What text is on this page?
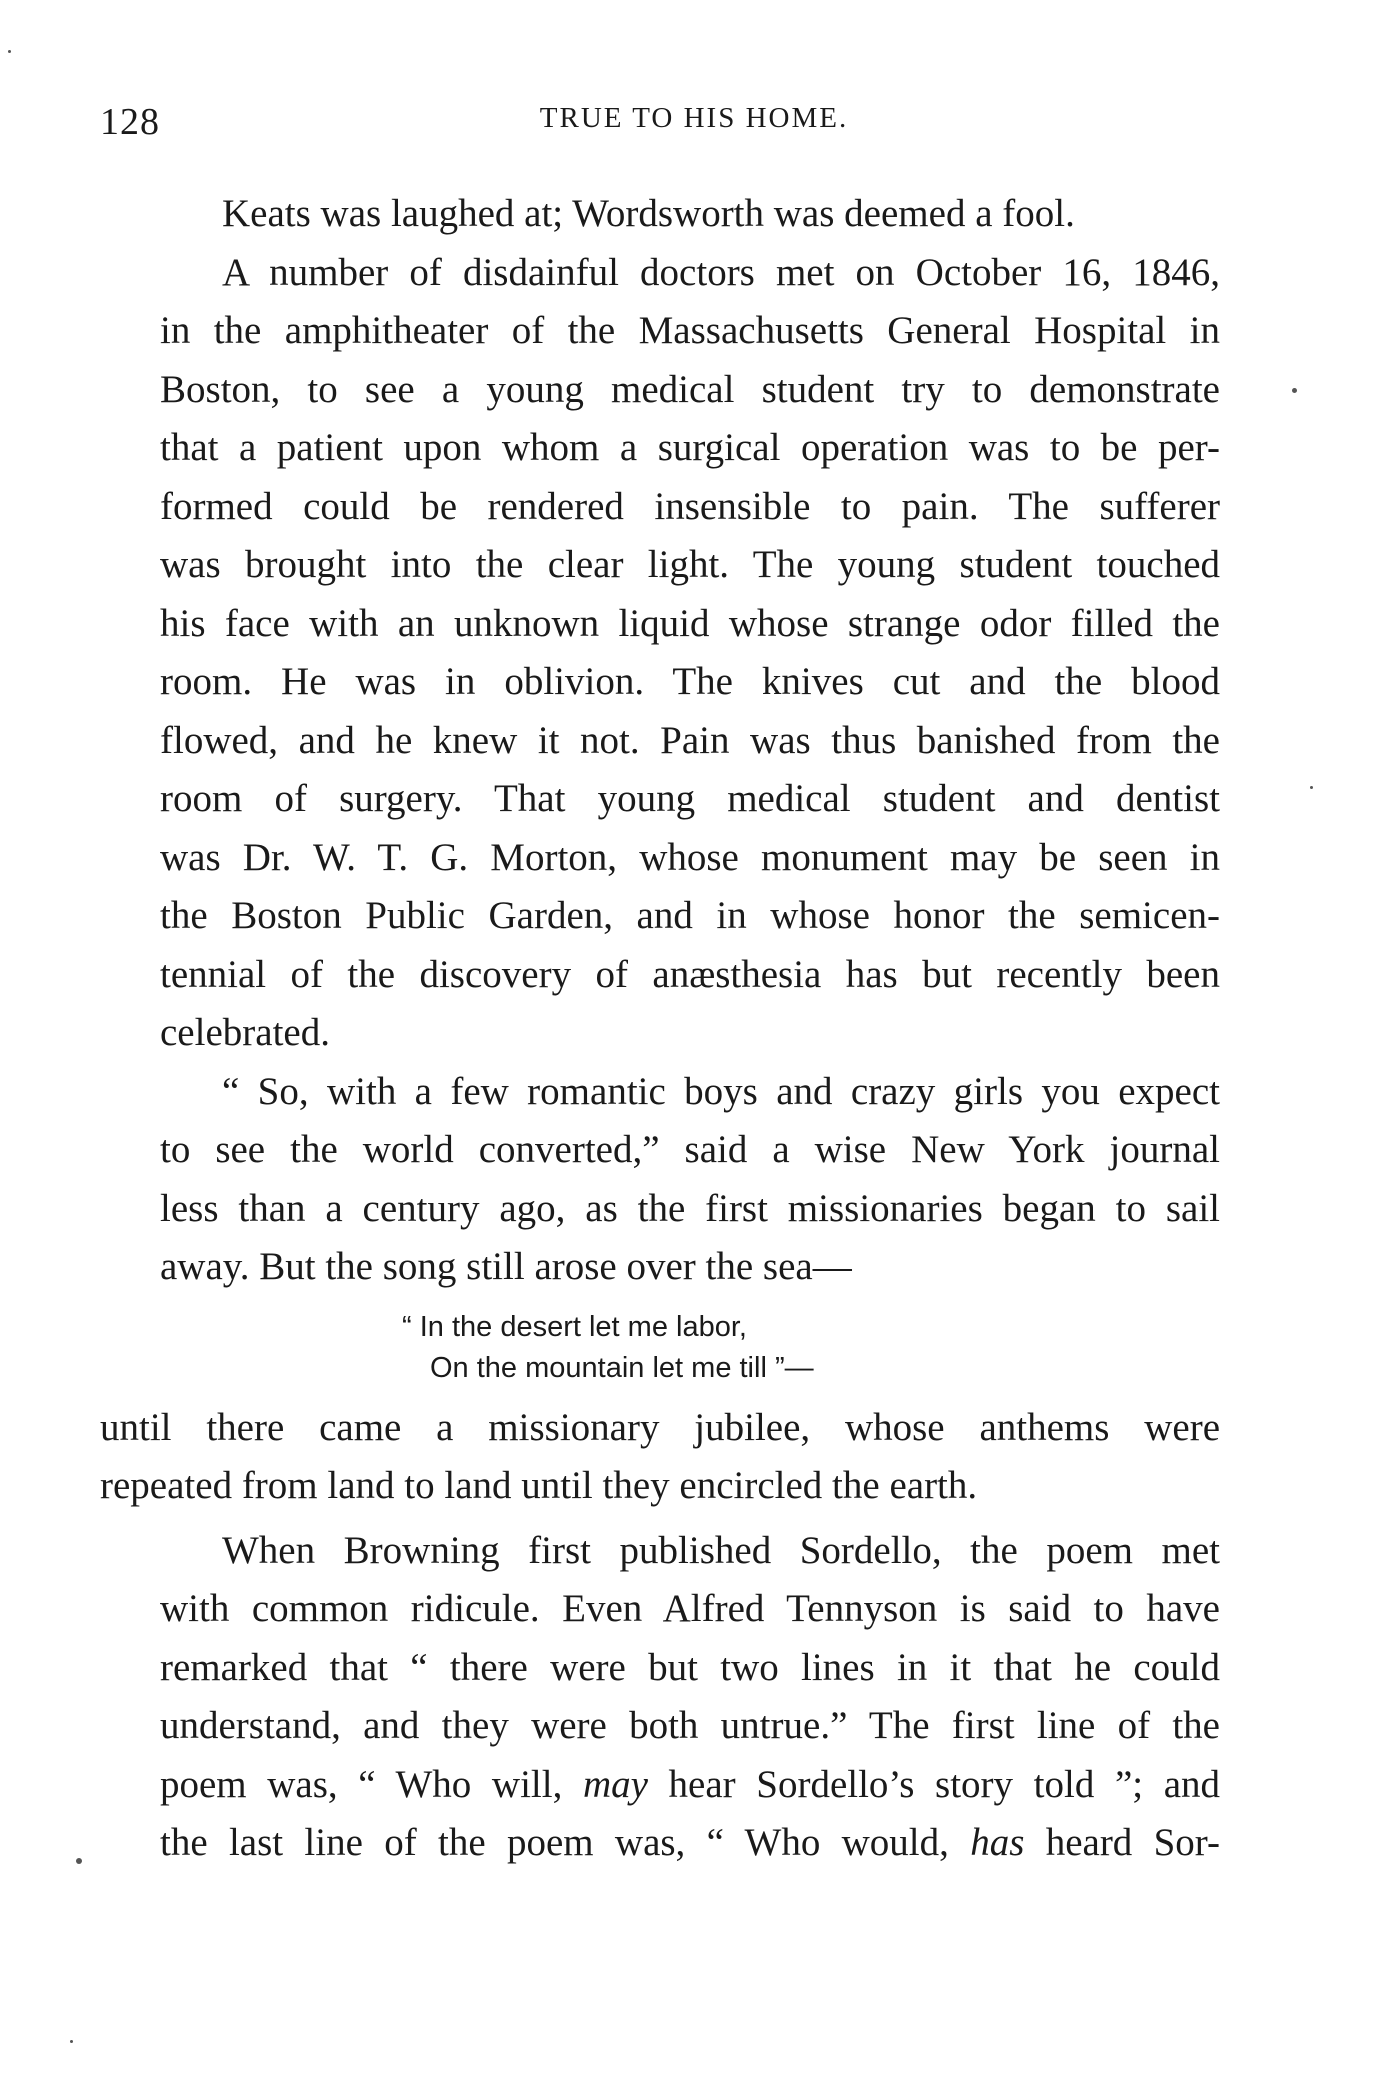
128	TRUE TO HIS HOME.
Keats was laughed at; Wordsworth was deemed a fool.
A number of disdainful doctors met on October 16, 1846,
in the amphitheater of the Massachusetts General Hospital in
Boston, to see a young medical student try to demonstrate
that a patient upon whom a surgical operation was to be per-
formed could be rendered insensible to pain. The sufferer
was brought into the clear light. The young student touched
his face with an unknown liquid whose strange odor filled the
room. He was in oblivion. The knives cut and the blood
flowed, and he knew it not. Pain was thus banished from the
room of surgery. That young medical student and dentist
was Dr. W. T. G. Morton, whose monument may be seen in
the Boston Public Garden, and in whose honor the semicen-
tennial of the discovery of anæsthesia has but recently been
celebrated.
“ So, with a few romantic boys and crazy girls you expect
to see the world converted,” said a wise New York journal
less than a century ago, as the first missionaries began to sail
away. But the song still arose over the sea—
“ In the desert let me labor,
On the mountain let me till ”—
until there came a missionary jubilee, whose anthems were
repeated from land to land until they encircled the earth.
When Browning first published Sordello, the poem met
with common ridicule. Even Alfred Tennyson is said to have
remarked that “ there were but two lines in it that he could
understand, and they were both untrue.” The first line of the
poem was, “ Who will, may hear Sordello’s story told ”; and
the last line of the poem was, “ Who would, has heard Sor-
